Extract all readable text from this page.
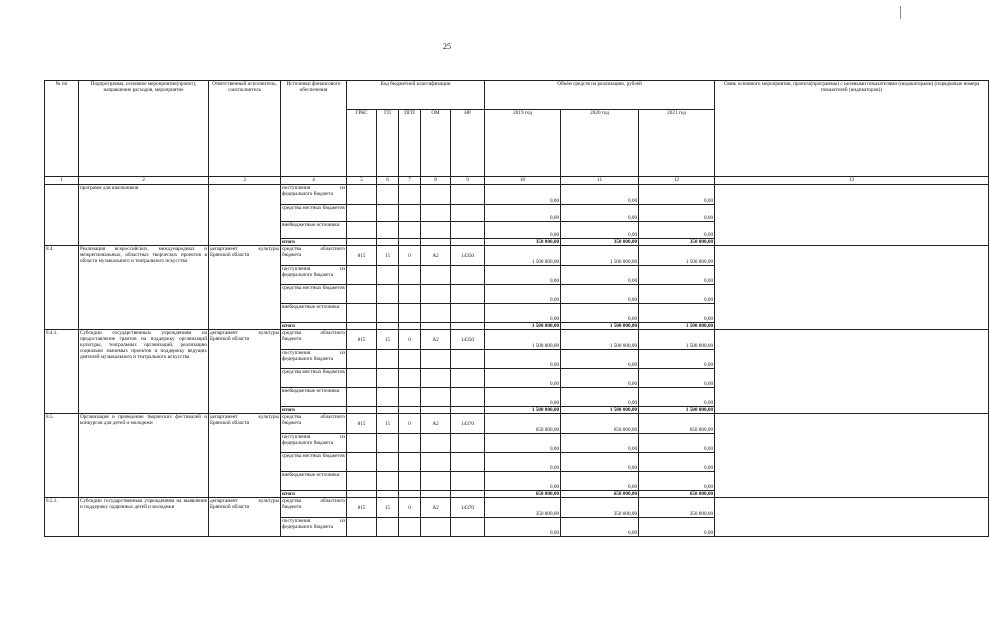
25
№ пп	Подпрограмма, основное мероприятие(проект), направление расходов, мероприятие	Ответственный исполнитель, соисполнитель	Источники финансового обеспечения	Код бюджетной классификации					Объём средств на реализацию, рублей			Связь основного мероприятия, проекта(программы) с целевыми показателями (индикаторами) (порядковые номера показателей (индикаторов))
				ГРБС	ГП	ПГП	ОМ	НР	2019 год	2020 год	2021 год	
1	2	3	4	5	6	7	8	9	10	11	12	13
	программ для школьников		поступления из федерального бюджета						0,00	0,00	0,00	
			средства местных бюджетов						0,00	0,00	0,00	
			внебюджетные источники						0,00	0,00	0,00	
			итого						350 000,00	350 000,00	350 000,00	
8.4.	Реализация всероссийских, международных и межрегиональных, областных творческих проектов в области музыкального и театрального искусства	департамент культуры Брянской области	средства областного бюджета	815	15	0	А2	14350	1 500 000,00	1 500 000,00	1 500 000,00	
			поступления из федерального бюджета						0,00	0,00	0,00	
			средства местных бюджетов						0,00	0,00	0,00	
			внебюджетные источники						0,00	0,00	0,00	
			итого						1 500 000,00	1 500 000,00	1 500 000,00	
8.4.1.	Субсидии государственным учреждениям на предоставление грантов на поддержку организаций культуры, театральных организаций, реализацию социально значимых проектов и поддержку ведущих деятелей музыкального и театрального искусства	департамент культуры Брянской области	средства областного бюджета	815	15	0	А2	14350	1 500 000,00	1 500 000,00	1 500 000,00	
			поступления из федерального бюджета						0,00	0,00	0,00	
			средства местных бюджетов						0,00	0,00	0,00	
			внебюджетные источники						0,00	0,00	0,00	
			итого						1 500 000,00	1 500 000,00	1 500 000,00	
8.5.	Организация и проведение творческих фестивалей и конкурсов для детей и молодежи	департамент культуры Брянской области	средства областного бюджета	815	15	0	А2	14370	650 000,00	650 000,00	650 000,00	
			поступления из федерального бюджета						0,00	0,00	0,00	
			средства местных бюджетов						0,00	0,00	0,00	
			внебюджетные источники						0,00	0,00	0,00	
			итого						650 000,00	650 000,00	650 000,00	
8.5.1.	Субсидии государственным учреждениям на выявление и поддержку одаренных детей и молодежи	департамент культуры Брянской области	средства областного бюджета	815	15	0	А2	14370	350 000,00	350 000,00	350 000,00	
			поступления из федерального бюджета						0,00	0,00	0,00	
